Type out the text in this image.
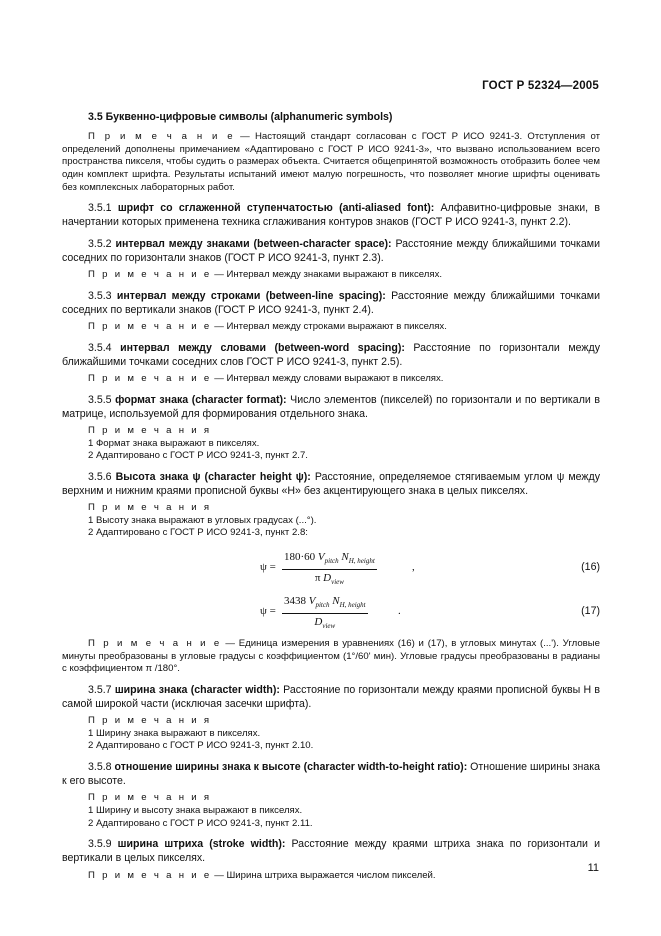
ГОСТ Р 52324—2005

3.5 Буквенно-цифровые символы (alphanumeric symbols)

П р и м е ч а н и е — Настоящий стандарт согласован с ГОСТ Р ИСО 9241-3. Отступления от определений дополнены примечанием «Адаптировано с ГОСТ Р ИСО 9241-3», что вызвано использованием всего пространства пикселя, чтобы судить о размерах объекта. Считается общепринятой возможность отобразить более чем один комплект шрифта. Результаты испытаний имеют малую погрешность, что позволяет многие шрифты оценивать без комплексных лабораторных работ.

3.5.1 шрифт со сглаженной ступенчатостью (anti-aliased font): Алфавитно-цифровые знаки, в начертании которых применена техника сглаживания контуров знаков (ГОСТ Р ИСО 9241-3, пункт 2.2).

3.5.2 интервал между знаками (between-character space): Расстояние между ближайшими точками соседних по горизонтали знаков (ГОСТ Р ИСО 9241-3, пункт 2.3).

П р и м е ч а н и е — Интервал между знаками выражают в пикселях.

3.5.3 интервал между строками (between-line spacing): Расстояние между ближайшими точками соседних по вертикали знаков (ГОСТ Р ИСО 9241-3, пункт 2.4).

П р и м е ч а н и е — Интервал между строками выражают в пикселях.

3.5.4 интервал между словами (between-word spacing): Расстояние по горизонтали между ближайшими точками соседних слов ГОСТ Р ИСО 9241-3, пункт 2.5).

П р и м е ч а н и е — Интервал между словами выражают в пикселях.

3.5.5 формат знака (character format): Число элементов (пикселей) по горизонтали и по вертикали в матрице, используемой для формирования отдельного знака.

П р и м е ч а н и я
1 Формат знака выражают в пикселях.
2 Адаптировано с ГОСТ Р ИСО 9241-3, пункт 2.7.

3.5.6 Высота знака ψ (character height ψ): Расстояние, определяемое стягиваемым углом ψ между верхним и нижним краями прописной буквы «Н» без акцентирующего знака в целых пикселях.

П р и м е ч а н и я
1 Высоту знака выражают в угловых градусах (...°).
2 Адаптировано с ГОСТ Р ИСО 9241-3, пункт 2.8:

ψ =
180·60 $V_{pitch}$ $N_{H, height}$
π $D_{view}$
,	(16)
ψ =
3438 $V_{pitch}$ $N_{H, height}$
$D_{view}$
.	(17)

П р и м е ч а н и е — Единица измерения в уравнениях (16) и (17), в угловых минутах (...'). Угловые минуты преобразованы в угловые градусы с коэффициентом (1°/60' мин). Угловые градусы преобразованы в радианы с коэффициентом π /180°.

3.5.7 ширина знака (character width): Расстояние по горизонтали между краями прописной буквы Н в самой широкой части (исключая засечки шрифта).

П р и м е ч а н и я
1 Ширину знака выражают в пикселях.
2 Адаптировано с ГОСТ Р ИСО 9241-3, пункт 2.10.

3.5.8 отношение ширины знака к высоте (character width-to-height ratio): Отношение ширины знака к его высоте.

П р и м е ч а н и я
1 Ширину и высоту знака выражают в пикселях.
2 Адаптировано с ГОСТ Р ИСО 9241-3, пункт 2.11.

3.5.9 ширина штриха (stroke width): Расстояние между краями штриха знака по горизонтали и вертикали в целых пикселях.

П р и м е ч а н и е — Ширина штриха выражается числом пикселей.

11
